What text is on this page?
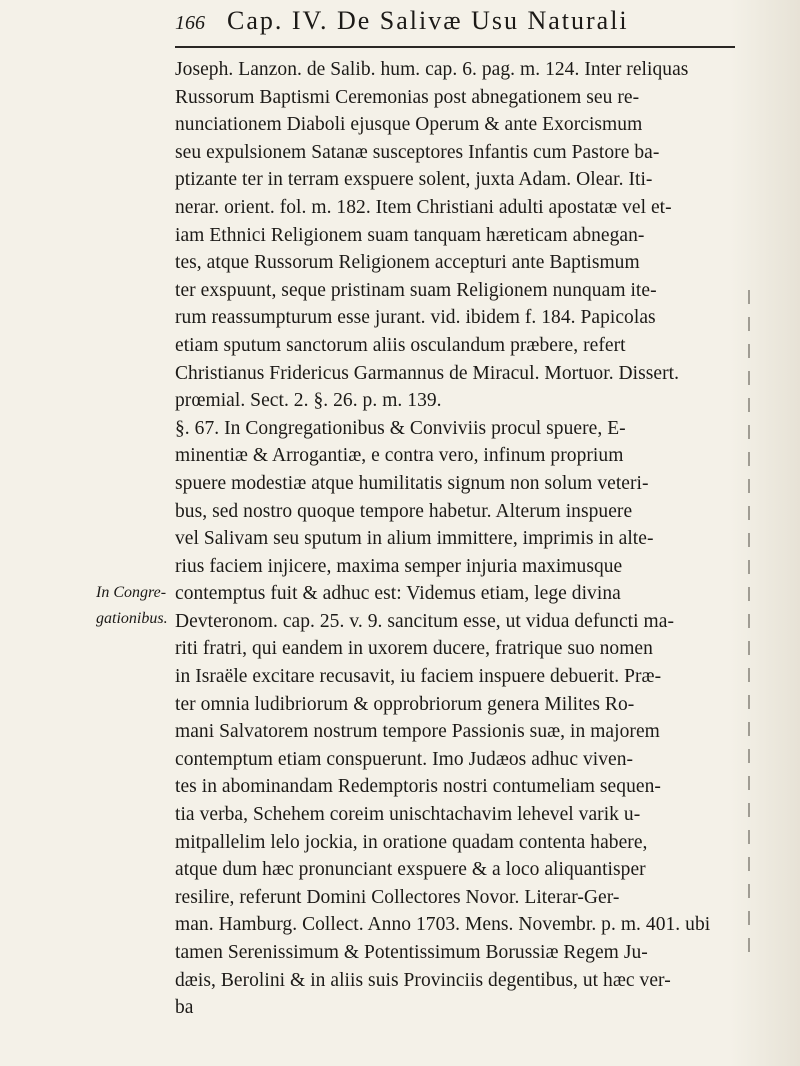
166 Cap. IV. De Salivæ Usu Naturali
In Congre-
gationibus.
Joseph. Lanzon. de Salib. hum. cap. 6. pag. m. 124. Inter reliquas
Russorum Baptismi Ceremonias post abnegationem seu re-
nunciationem Diaboli ejusque Operum & ante Exorcismum
seu expulsionem Satanæ susceptores Infantis cum Pastore ba-
ptizante ter in terram exspuere solent, juxta Adam. Olear. Iti-
nerar. orient. fol. m. 182. Item Christiani adulti apostatæ vel et-
iam Ethnici Religionem suam tanquam hæreticam abnegan-
tes, atque Russorum Religionem accepturi ante Baptismum
ter exspuunt, seque pristinam suam Religionem nunquam ite-
rum reassumpturum esse jurant. vid. ibidem f. 184. Papicolas
etiam sputum sanctorum aliis osculandum præbere, refert
Christianus Fridericus Garmannus de Miracul. Mortuor. Dissert.
prœmial. Sect. 2. §. 26. p. m. 139.
§. 67. In Congregationibus & Conviviis procul spuere, E-
minentiæ & Arrogantiæ, e contra vero, infinum proprium
spuere modestiæ atque humilitatis signum non solum veteri-
bus, sed nostro quoque tempore habetur. Alterum inspuere
vel Salivam seu sputum in alium immittere, imprimis in alte-
rius faciem injicere, maxima semper injuria maximusque
contemptus fuit & adhuc est: Videmus etiam, lege divina
Devteronom. cap. 25. v. 9. sancitum esse, ut vidua defuncti ma-
riti fratri, qui eandem in uxorem ducere, fratrique suo nomen
in Israële excitare recusavit, iu faciem inspuere debuerit. Præ-
ter omnia ludibriorum & opprobriorum genera Milites Ro-
mani Salvatorem nostrum tempore Passionis suæ, in majorem
contemptum etiam conspuerunt. Imo Judæos adhuc viven-
tes in abominandam Redemptoris nostri contumeliam sequen-
tia verba, Schehem coreim unischtachavim lehevel varik u-
mitpallelim lelo jockia, in oratione quadam contenta habere,
atque dum hæc pronunciant exspuere & a loco aliquantisper
resilire, referunt Domini Collectores Novor. Literar-Ger-
man. Hamburg. Collect. Anno 1703. Mens. Novembr. p. m. 401. ubi
tamen Serenissimum & Potentissimum Borussiæ Regem Ju-
dæis, Berolini & in aliis suis Provinciis degentibus, ut hæc ver-
ba
